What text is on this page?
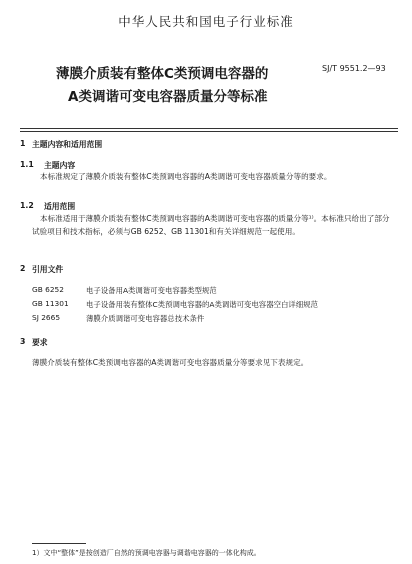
中华人民共和国电子行业标准
薄膜介质装有整体C类预调电容器的
A类调谐可变电容器质量分等标准
SJ/T 9551.2—93
1 主题内容和适用范围
1.1 主题内容
本标准规定了薄膜介质装有整体C类预调电容器的A类调谐可变电容器质量分等的要求。
1.2 适用范围
本标准适用于薄膜介质装有整体C类预调电容器的A类调谐可变电容器的质量分等¹⁾。本标准只给出了部分试验项目和技术指标，必须与GB 6252、GB 11301和有关详细规范一起使用。
2 引用文件
GB 6252	电子设备用A类调谐可变电容器类型规范
GB 11301 电子设备用装有整体C类预调电容器的A类调谐可变电容器空白详细规范
SJ 2665	薄膜介质调谐可变电容器总技术条件
3 要求
薄膜介质装有整体C类预调电容器的A类调谐可变电容器质量分等要求见下表规定。
1）文中“整体”是按创造厂自然的预调电容器与调谐电容器的一体化构成。
